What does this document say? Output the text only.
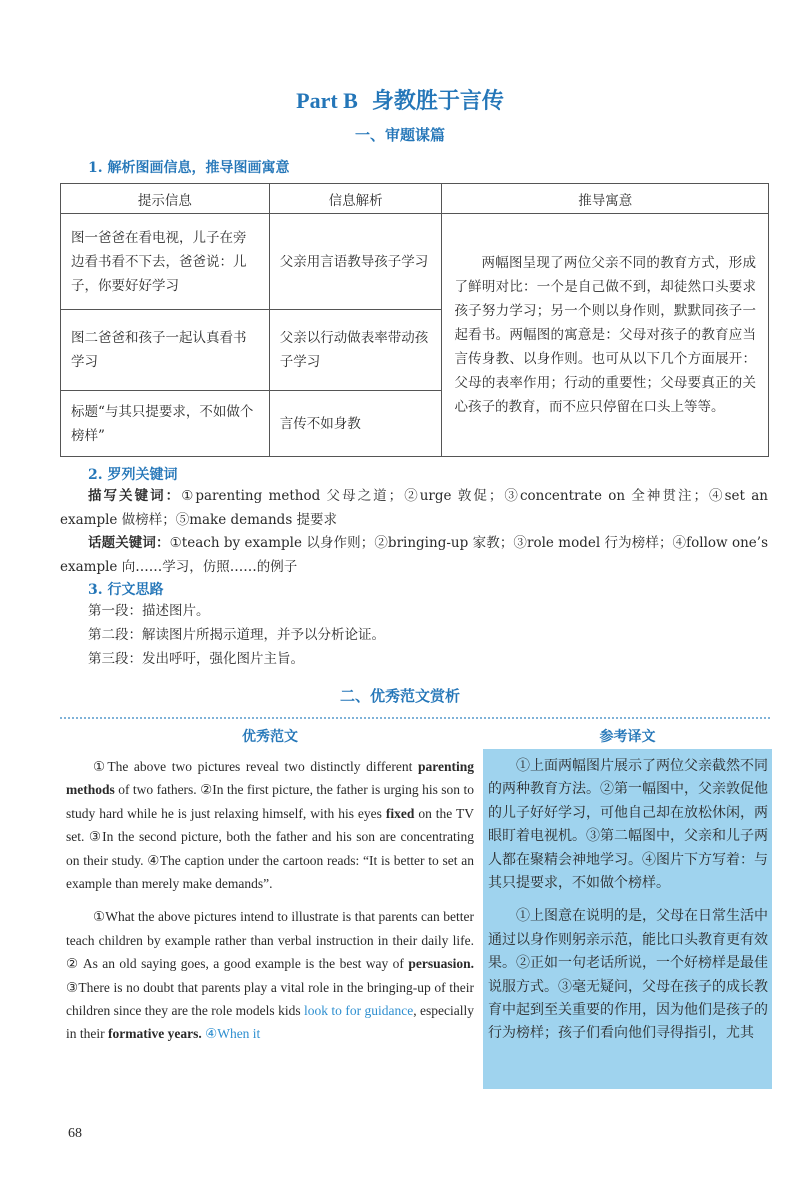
Part B 身教胜于言传
一、审题谋篇
1. 解析图画信息，推导图画寓意
提示信息	信息解析	推导寓意
图一爸爸在看电视，儿子在旁边看书看不下去，爸爸说：儿子，你要好好学习	父亲用言语教导孩子学习	两幅图呈现了两位父亲不同的教育方式，形成了鲜明对比：一个是自己做不到，却徒然口头要求孩子努力学习；另一个则以身作则，默默同孩子一起看书。两幅图的寓意是：父母对孩子的教育应当言传身教、以身作则。也可从以下几个方面展开：父母的表率作用；行动的重要性；父母要真正的关心孩子的教育，而不应只停留在口头上等等。
图二爸爸和孩子一起认真看书学习	父亲以行动做表率带动孩子学习	
标题“与其只提要求，不如做个榜样”	言传不如身教	
2. 罗列关键词
描写关键词：①parenting method 父母之道；②urge 敦促；③concentrate on 全神贯注；④set an example 做榜样；⑤make demands 提要求
话题关键词：①teach by example 以身作则；②bringing-up 家教；③role model 行为榜样；④follow one’s example 向……学习，仿照……的例子
3. 行文思路
第一段：描述图片。
第二段：解读图片所揭示道理，并予以分析论证。
第三段：发出呼吁，强化图片主旨。
二、优秀范文赏析
优秀范文	参考译文

①The above two pictures reveal two distinctly different parenting methods of two fathers. ②In the first picture, the father is urging his son to study hard while he is just relaxing himself, with his eyes fixed on the TV set. ③In the second picture, both the father and his son are concentrating on their study. ④The caption under the cartoon reads: “It is better to set an example than merely make demands”.

①What the above pictures intend to illustrate is that parents can better teach children by example rather than verbal instruction in their daily life. ② As an old saying goes, a good example is the best way of persuasion. ③There is no doubt that parents play a vital role in the bringing-up of their children since they are the role models kids look to for guidance, especially in their formative years. ④When it

①上面两幅图片展示了两位父亲截然不同的两种教育方法。②第一幅图中，父亲敦促他的儿子好好学习，可他自己却在放松休闲，两眼盯着电视机。③第二幅图中，父亲和儿子两人都在聚精会神地学习。④图片下方写着：与其只提要求，不如做个榜样。

①上图意在说明的是，父母在日常生活中通过以身作则躬亲示范，能比口头教育更有效果。②正如一句老话所说，一个好榜样是最佳说服方式。③毫无疑问，父母在孩子的成长教育中起到至关重要的作用，因为他们是孩子的行为榜样；孩子们看向他们寻得指引，尤其

68
